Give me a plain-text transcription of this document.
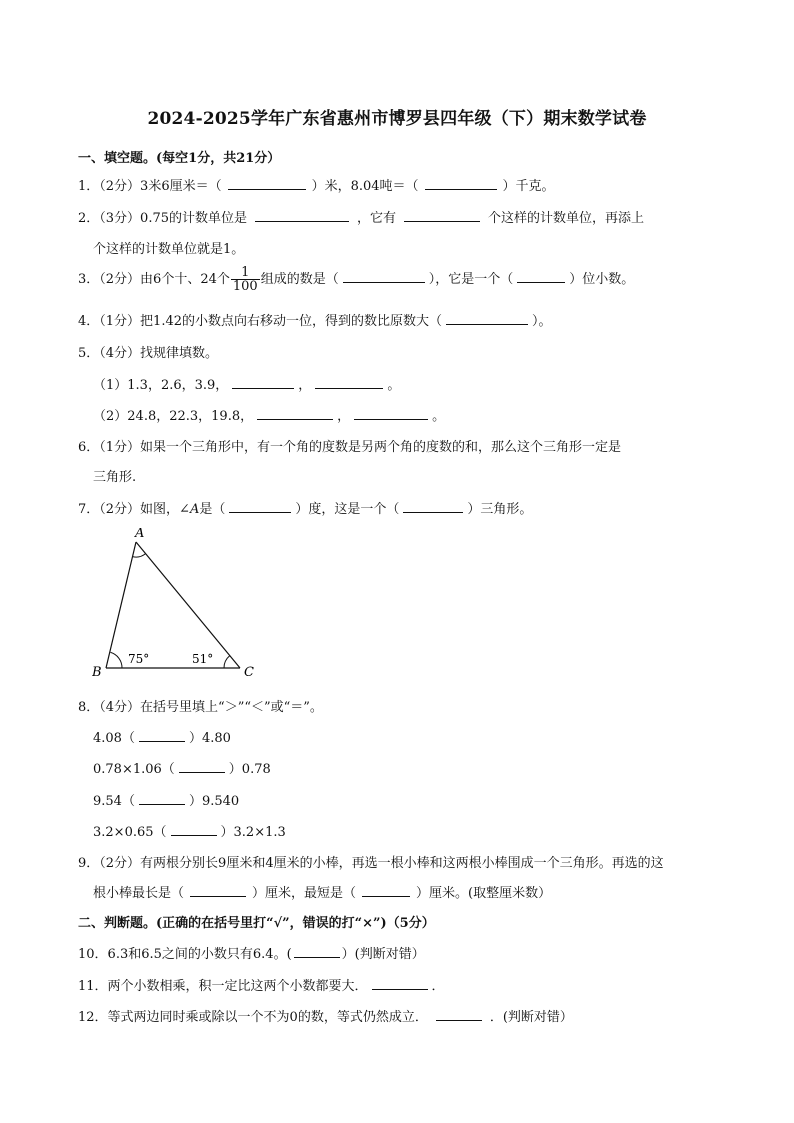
2024-2025学年广东省惠州市博罗县四年级（下）期末数学试卷
一、填空题。(每空1分，共21分）
1．（2分）3米6厘米＝（	）米，8.04吨＝（	）千克。
2．（3分）0.75的计数单位是	，它有	个这样的计数单位，再添上
个这样的计数单位就是1。
3．（2分）由6个十、24个 $\frac{1}{100}$ 组成的数是（	），它是一个（	）位小数。
4．（1分）把1.42的小数点向右移动一位，得到的数比原数大（	）。
5．（4分）找规律填数。
（1）1.3，2.6，3.9，	，	。
（2）24.8，22.3，19.8，	，	。
6．（1分）如果一个三角形中，有一个角的度数是另两个角的度数的和，那么这个三角形一定是
三角形.
7．（2分）如图，∠A是（	）度，这是一个（	）三角形。
A
B	C
75°	51°
8．（4分）在括号里填上“＞”“＜”或“＝”。
4.08（	）4.80
0.78×1.06（	）0.78
9.54（	）9.540
3.2×0.65（	）3.2×1.3
9．（2分）有两根分别长9厘米和4厘米的小棒，再选一根小棒和这两根小棒围成一个三角形。再选的这
根小棒最长是（	）厘米，最短是（	）厘米。(取整厘米数）
二、判断题。(正确的在括号里打“√”，错误的打“×”)（5分）
10．6.3和6.5之间的小数只有6.4。(	）(判断对错）
11．两个小数相乘，积一定比这两个小数都要大．	．
12．等式两边同时乘或除以一个不为0的数，等式仍然成立．	．(判断对错）
